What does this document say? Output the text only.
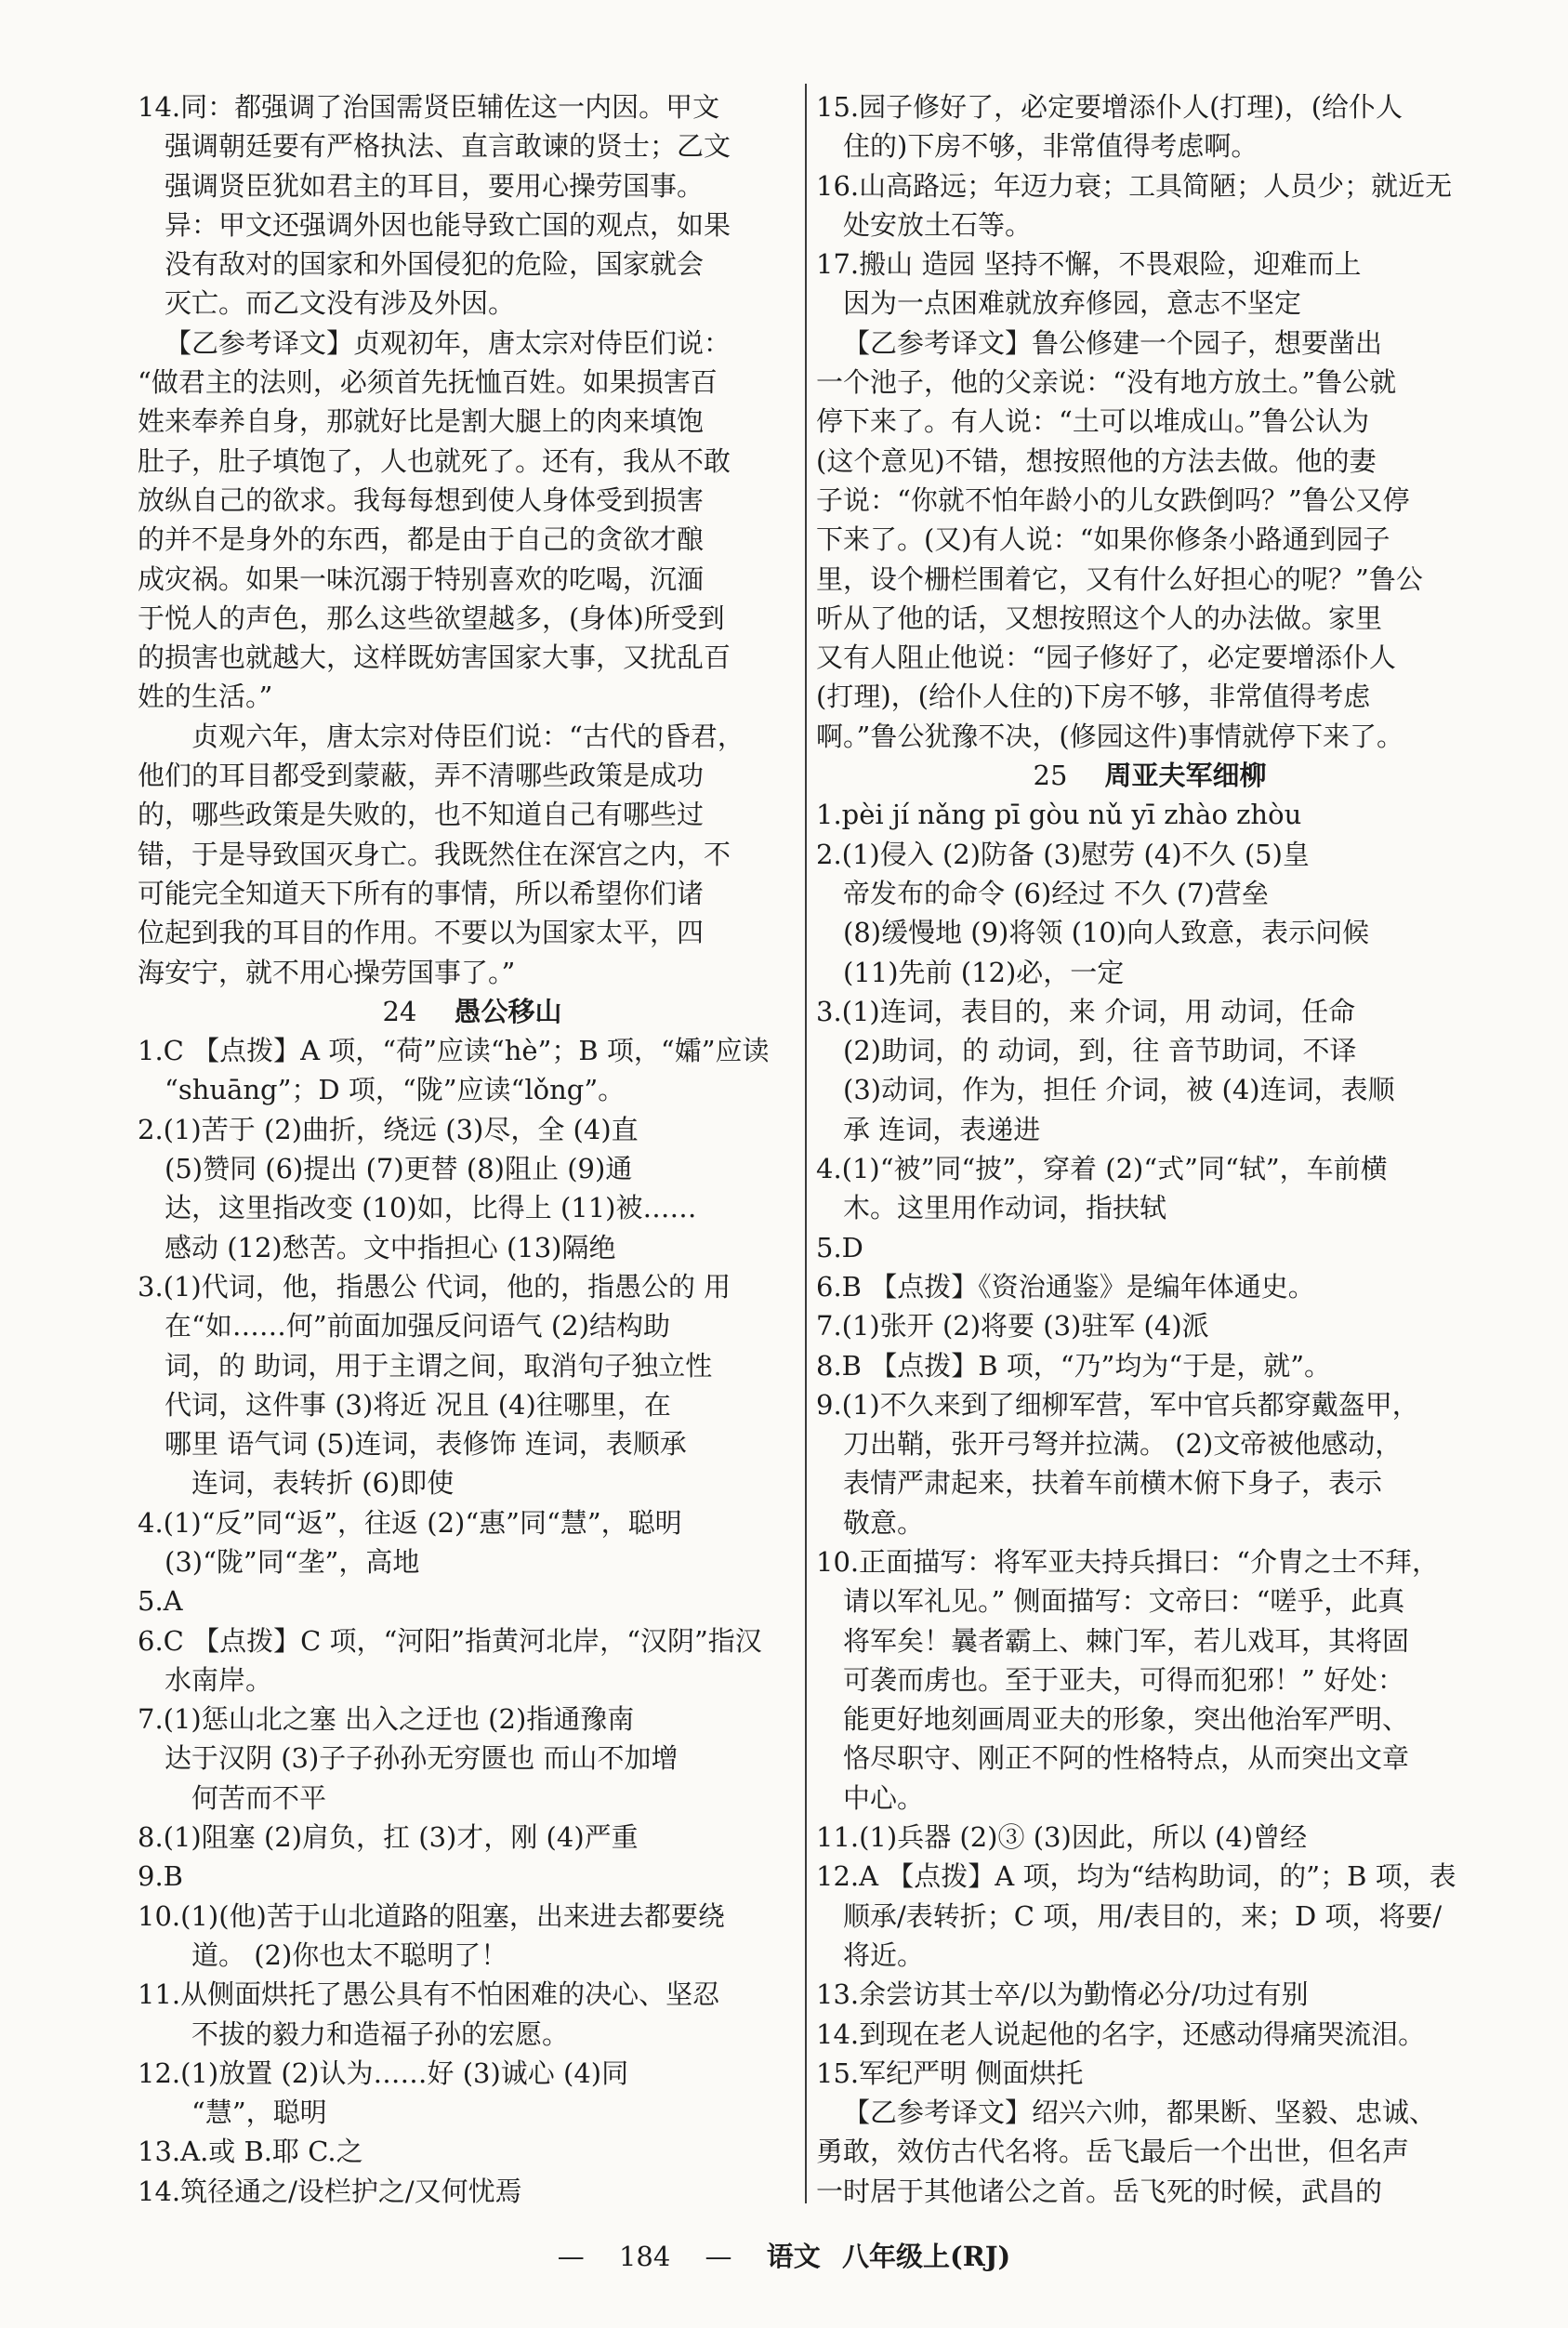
14.同：都强调了治国需贤臣辅佐这一内因。甲文
强调朝廷要有严格执法、直言敢谏的贤士；乙文
强调贤臣犹如君主的耳目，要用心操劳国事。
异：甲文还强调外因也能导致亡国的观点，如果
没有敌对的国家和外国侵犯的危险，国家就会
灭亡。而乙文没有涉及外因。
【乙参考译文】贞观初年，唐太宗对侍臣们说：
“做君主的法则，必须首先抚恤百姓。如果损害百
姓来奉养自身，那就好比是割大腿上的肉来填饱
肚子，肚子填饱了，人也就死了。还有，我从不敢
放纵自己的欲求。我每每想到使人身体受到损害
的并不是身外的东西，都是由于自己的贪欲才酿
成灾祸。如果一味沉溺于特别喜欢的吃喝，沉湎
于悦人的声色，那么这些欲望越多，(身体)所受到
的损害也就越大，这样既妨害国家大事，又扰乱百
姓的生活。”
贞观六年，唐太宗对侍臣们说：“古代的昏君，
他们的耳目都受到蒙蔽，弄不清哪些政策是成功
的，哪些政策是失败的，也不知道自己有哪些过
错，于是导致国灭身亡。我既然住在深宫之内，不
可能完全知道天下所有的事情，所以希望你们诸
位起到我的耳目的作用。不要以为国家太平，四
海安宁，就不用心操劳国事了。”
24 愚公移山
1.C 【点拨】A 项，“荷”应读“hè”；B 项，“孀”应读
“shuāng”；D 项，“陇”应读“lǒng”。
2.(1)苦于 (2)曲折，绕远 (3)尽，全 (4)直
(5)赞同 (6)提出 (7)更替 (8)阻止 (9)通
达，这里指改变 (10)如，比得上 (11)被……
感动 (12)愁苦。文中指担心 (13)隔绝
3.(1)代词，他，指愚公 代词，他的，指愚公的 用
在“如……何”前面加强反问语气 (2)结构助
词，的 助词，用于主谓之间，取消句子独立性
代词，这件事 (3)将近 况且 (4)往哪里，在
哪里 语气词 (5)连词，表修饰 连词，表顺承
连词，表转折 (6)即使
4.(1)“反”同“返”，往返 (2)“惠”同“慧”，聪明
(3)“陇”同“垄”，高地
5.A
6.C 【点拨】C 项，“河阳”指黄河北岸，“汉阴”指汉
水南岸。
7.(1)惩山北之塞 出入之迂也 (2)指通豫南
达于汉阴 (3)子子孙孙无穷匮也 而山不加增
何苦而不平
8.(1)阻塞 (2)肩负，扛 (3)才，刚 (4)严重
9.B
10.(1)(他)苦于山北道路的阻塞，出来进去都要绕
道。 (2)你也太不聪明了！
11.从侧面烘托了愚公具有不怕困难的决心、坚忍
不拔的毅力和造福子孙的宏愿。
12.(1)放置 (2)认为……好 (3)诚心 (4)同
“慧”，聪明
13.A.或 B.耶 C.之
14.筑径通之/设栏护之/又何忧焉
15.园子修好了，必定要增添仆人(打理)，(给仆人
住的)下房不够，非常值得考虑啊。
16.山高路远；年迈力衰；工具简陋；人员少；就近无
处安放土石等。
17.搬山 造园 坚持不懈，不畏艰险，迎难而上
因为一点困难就放弃修园，意志不坚定
【乙参考译文】鲁公修建一个园子，想要凿出
一个池子，他的父亲说：“没有地方放土。”鲁公就
停下来了。有人说：“土可以堆成山。”鲁公认为
(这个意见)不错，想按照他的方法去做。他的妻
子说：“你就不怕年龄小的儿女跌倒吗？”鲁公又停
下来了。(又)有人说：“如果你修条小路通到园子
里，设个栅栏围着它，又有什么好担心的呢？”鲁公
听从了他的话，又想按照这个人的办法做。家里
又有人阻止他说：“园子修好了，必定要增添仆人
(打理)，(给仆人住的)下房不够，非常值得考虑
啊。”鲁公犹豫不决，(修园这件)事情就停下来了。
25 周亚夫军细柳
1.pèi jí nǎng pī gòu nǔ yī zhào zhòu
2.(1)侵入 (2)防备 (3)慰劳 (4)不久 (5)皇
帝发布的命令 (6)经过 不久 (7)营垒
(8)缓慢地 (9)将领 (10)向人致意，表示问候
(11)先前 (12)必，一定
3.(1)连词，表目的，来 介词，用 动词，任命
(2)助词，的 动词，到，往 音节助词，不译
(3)动词，作为，担任 介词，被 (4)连词，表顺
承 连词，表递进
4.(1)“被”同“披”，穿着 (2)“式”同“轼”，车前横
木。这里用作动词，指扶轼
5.D
6.B 【点拨】《资治通鉴》是编年体通史。
7.(1)张开 (2)将要 (3)驻军 (4)派
8.B 【点拨】B 项，“乃”均为“于是，就”。
9.(1)不久来到了细柳军营，军中官兵都穿戴盔甲，
刀出鞘，张开弓弩并拉满。 (2)文帝被他感动，
表情严肃起来，扶着车前横木俯下身子，表示
敬意。
10.正面描写：将军亚夫持兵揖曰：“介胄之士不拜，
请以军礼见。” 侧面描写：文帝曰：“嗟乎，此真
将军矣！曩者霸上、棘门军，若儿戏耳，其将固
可袭而虏也。至于亚夫，可得而犯邪！” 好处：
能更好地刻画周亚夫的形象，突出他治军严明、
恪尽职守、刚正不阿的性格特点，从而突出文章
中心。
11.(1)兵器 (2)③ (3)因此，所以 (4)曾经
12.A 【点拨】A 项，均为“结构助词，的”；B 项，表
顺承/表转折；C 项，用/表目的，来；D 项，将要/
将近。
13.余尝访其士卒/以为勤惰必分/功过有别
14.到现在老人说起他的名字，还感动得痛哭流泪。
15.军纪严明 侧面烘托
【乙参考译文】绍兴六帅，都果断、坚毅、忠诚、
勇敢，效仿古代名将。岳飞最后一个出世，但名声
一时居于其他诸公之首。岳飞死的时候，武昌的
— 184 — 语文 八年级上(RJ)
